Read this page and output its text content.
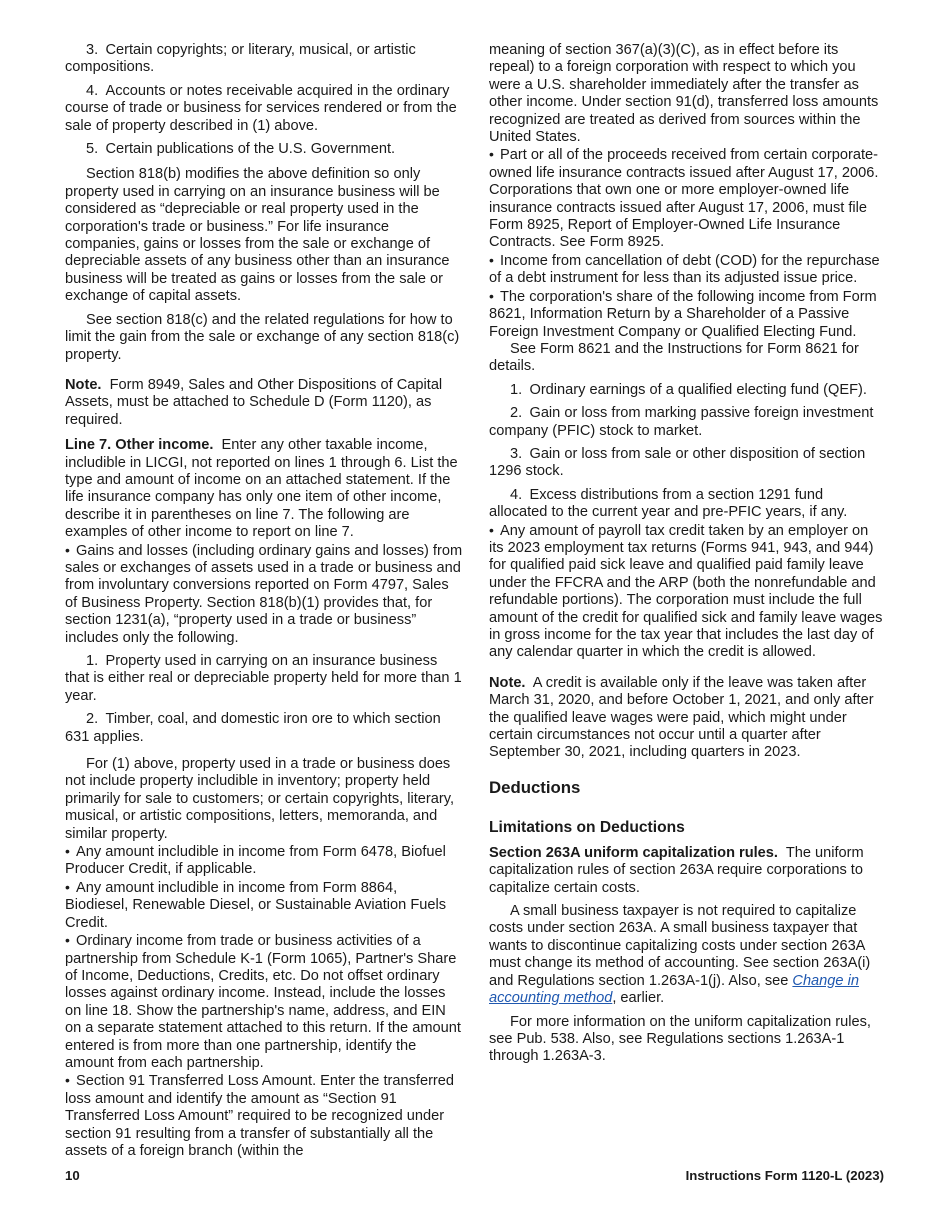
3. Certain copyrights; or literary, musical, or artistic compositions.

4. Accounts or notes receivable acquired in the ordinary course of trade or business for services rendered or from the sale of property described in (1) above.

5. Certain publications of the U.S. Government.

Section 818(b) modifies the above definition so only property used in carrying on an insurance business will be considered as “depreciable or real property used in the corporation's trade or business.” For life insurance companies, gains or losses from the sale or exchange of depreciable assets of any business other than an insurance business will be treated as gains or losses from the sale or exchange of capital assets.

See section 818(c) and the related regulations for how to limit the gain from the sale or exchange of any section 818(c) property.

Note. Form 8949, Sales and Other Dispositions of Capital Assets, must be attached to Schedule D (Form 1120), as required.

Line 7. Other income. Enter any other taxable income, includible in LICGI, not reported on lines 1 through 6. List the type and amount of income on an attached statement. If the life insurance company has only one item of other income, describe it in parentheses on line 7. The following are examples of other income to report on line 7.

• Gains and losses (including ordinary gains and losses) from sales or exchanges of assets used in a trade or business and from involuntary conversions reported on Form 4797, Sales of Business Property. Section 818(b)(1) provides that, for section 1231(a), “property used in a trade or business” includes only the following.

1. Property used in carrying on an insurance business that is either real or depreciable property held for more than 1 year.

2. Timber, coal, and domestic iron ore to which section 631 applies.

For (1) above, property used in a trade or business does not include property includible in inventory; property held primarily for sale to customers; or certain copyrights, literary, musical, or artistic compositions, letters, memoranda, and similar property.

• Any amount includible in income from Form 6478, Biofuel Producer Credit, if applicable.

• Any amount includible in income from Form 8864, Biodiesel, Renewable Diesel, or Sustainable Aviation Fuels Credit.

• Ordinary income from trade or business activities of a partnership from Schedule K-1 (Form 1065), Partner's Share of Income, Deductions, Credits, etc. Do not offset ordinary losses against ordinary income. Instead, include the losses on line 18. Show the partnership's name, address, and EIN on a separate statement attached to this return. If the amount entered is from more than one partnership, identify the amount from each partnership.

• Section 91 Transferred Loss Amount. Enter the transferred loss amount and identify the amount as “Section 91 Transferred Loss Amount” required to be recognized under section 91 resulting from a transfer of substantially all the assets of a foreign branch (within the

meaning of section 367(a)(3)(C), as in effect before its repeal) to a foreign corporation with respect to which you were a U.S. shareholder immediately after the transfer as other income. Under section 91(d), transferred loss amounts recognized are treated as derived from sources within the United States.

• Part or all of the proceeds received from certain corporate-owned life insurance contracts issued after August 17, 2006. Corporations that own one or more employer-owned life insurance contracts issued after August 17, 2006, must file Form 8925, Report of Employer-Owned Life Insurance Contracts. See Form 8925.

• Income from cancellation of debt (COD) for the repurchase of a debt instrument for less than its adjusted issue price.

• The corporation's share of the following income from Form 8621, Information Return by a Shareholder of a Passive Foreign Investment Company or Qualified Electing Fund.

See Form 8621 and the Instructions for Form 8621 for details.

1. Ordinary earnings of a qualified electing fund (QEF).

2. Gain or loss from marking passive foreign investment company (PFIC) stock to market.

3. Gain or loss from sale or other disposition of section 1296 stock.

4. Excess distributions from a section 1291 fund allocated to the current year and pre-PFIC years, if any.

• Any amount of payroll tax credit taken by an employer on its 2023 employment tax returns (Forms 941, 943, and 944) for qualified paid sick leave and qualified paid family leave under the FFCRA and the ARP (both the nonrefundable and refundable portions). The corporation must include the full amount of the credit for qualified sick and family leave wages in gross income for the tax year that includes the last day of any calendar quarter in which the credit is allowed.

Note. A credit is available only if the leave was taken after March 31, 2020, and before October 1, 2021, and only after the qualified leave wages were paid, which might under certain circumstances not occur until a quarter after September 30, 2021, including quarters in 2023.

Deductions
Limitations on Deductions

Section 263A uniform capitalization rules. The uniform capitalization rules of section 263A require corporations to capitalize certain costs.

A small business taxpayer is not required to capitalize costs under section 263A. A small business taxpayer that wants to discontinue capitalizing costs under section 263A must change its method of accounting. See section 263A(i) and Regulations section 1.263A-1(j). Also, see Change in accounting method, earlier.

For more information on the uniform capitalization rules, see Pub. 538. Also, see Regulations sections 1.263A-1 through 1.263A-3.

10	Instructions Form 1120-L (2023)
